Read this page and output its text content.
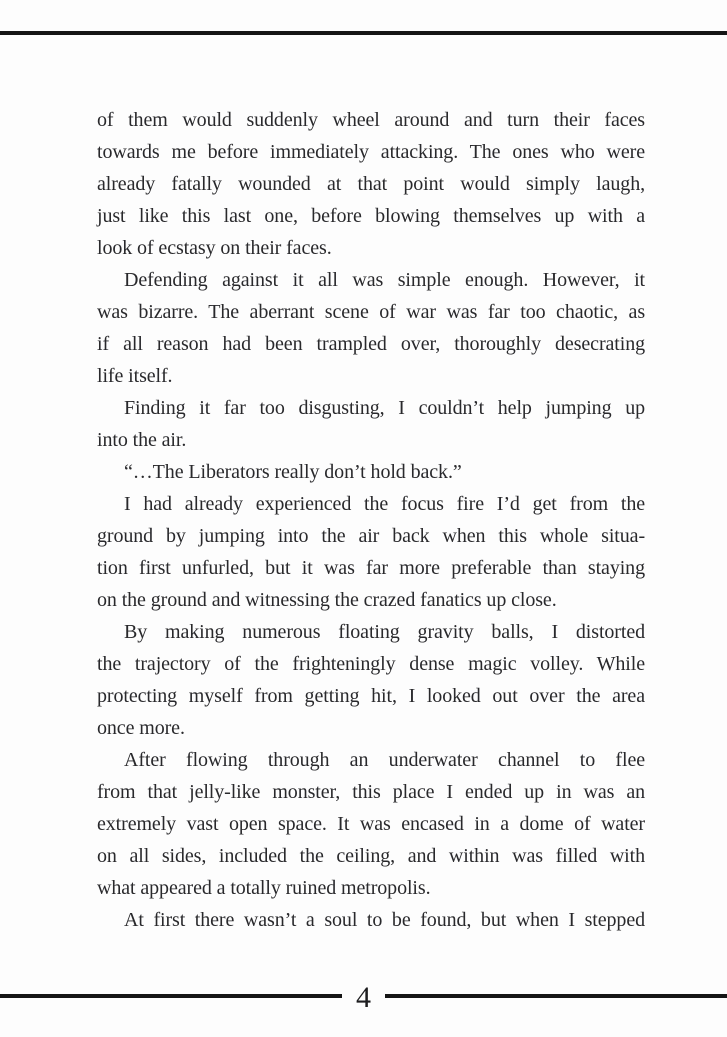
of them would suddenly wheel around and turn their faces
towards me before immediately attacking. The ones who were
already fatally wounded at that point would simply laugh,
just like this last one, before blowing themselves up with a
look of ecstasy on their faces.
Defending against it all was simple enough. However, it
was bizarre. The aberrant scene of war was far too chaotic, as
if all reason had been trampled over, thoroughly desecrating
life itself.
Finding it far too disgusting, I couldn’t help jumping up
into the air.
“…The Liberators really don’t hold back.”
I had already experienced the focus fire I’d get from the
ground by jumping into the air back when this whole situa-
tion first unfurled, but it was far more preferable than staying
on the ground and witnessing the crazed fanatics up close.
By making numerous floating gravity balls, I distorted
the trajectory of the frighteningly dense magic volley. While
protecting myself from getting hit, I looked out over the area
once more.
After flowing through an underwater channel to flee
from that jelly-like monster, this place I ended up in was an
extremely vast open space. It was encased in a dome of water
on all sides, included the ceiling, and within was filled with
what appeared a totally ruined metropolis.
At first there wasn’t a soul to be found, but when I stepped
4
